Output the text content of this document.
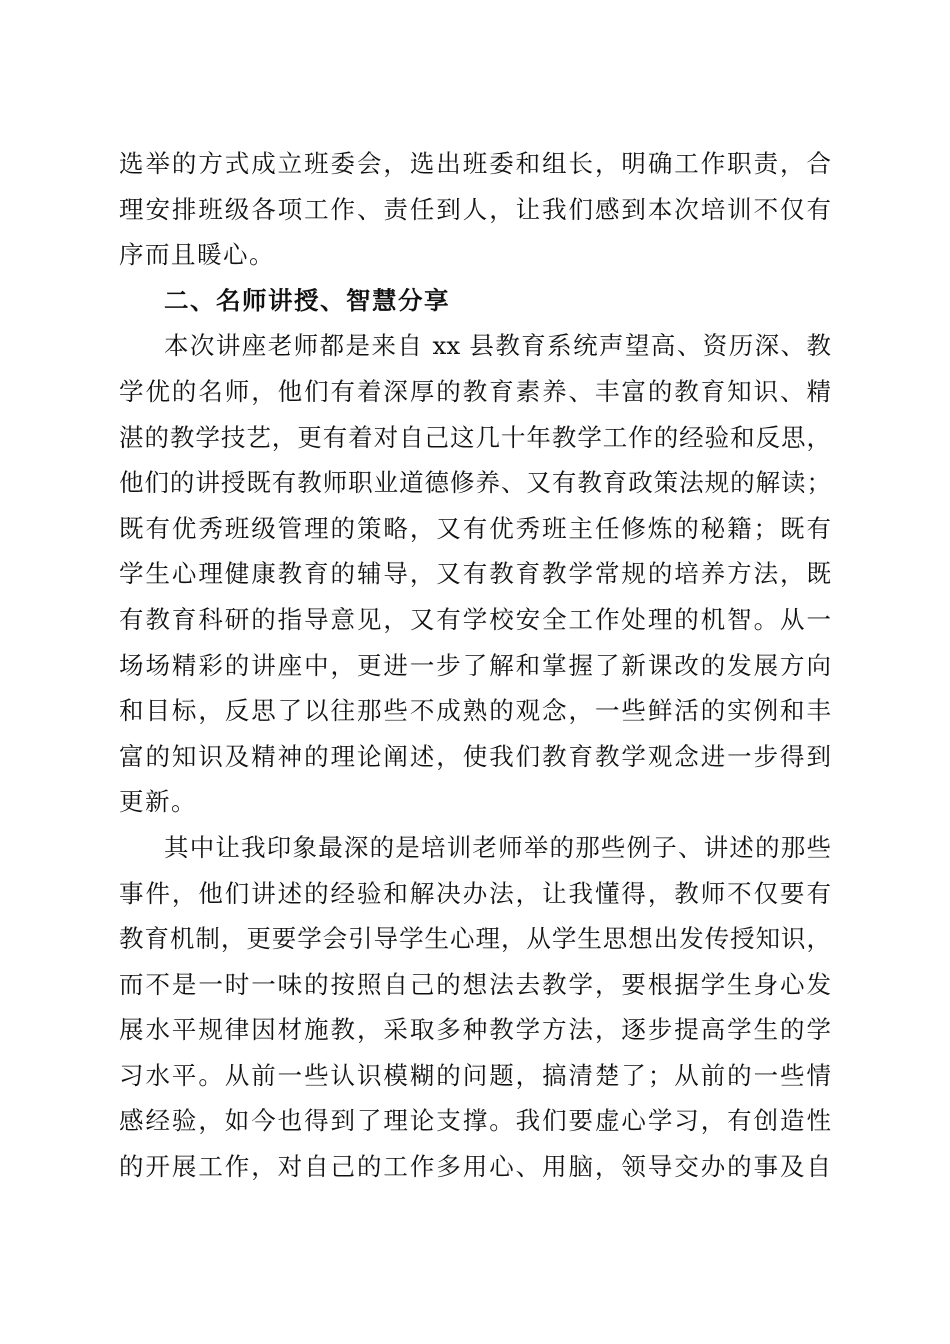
选举的方式成立班委会，选出班委和组长，明确工作职责，合
理安排班级各项工作、责任到人，让我们感到本次培训不仅有
序而且暖心。
二、名师讲授、智慧分享
本次讲座老师都是来自 xx 县教育系统声望高、资历深、教
学优的名师，他们有着深厚的教育素养、丰富的教育知识、精
湛的教学技艺，更有着对自己这几十年教学工作的经验和反思，
他们的讲授既有教师职业道德修养、又有教育政策法规的解读；
既有优秀班级管理的策略，又有优秀班主任修炼的秘籍；既有
学生心理健康教育的辅导，又有教育教学常规的培养方法，既
有教育科研的指导意见，又有学校安全工作处理的机智。从一
场场精彩的讲座中，更进一步了解和掌握了新课改的发展方向
和目标，反思了以往那些不成熟的观念，一些鲜活的实例和丰
富的知识及精神的理论阐述，使我们教育教学观念进一步得到
更新。
其中让我印象最深的是培训老师举的那些例子、讲述的那些
事件，他们讲述的经验和解决办法，让我懂得，教师不仅要有
教育机制，更要学会引导学生心理，从学生思想出发传授知识，
而不是一时一味的按照自己的想法去教学，要根据学生身心发
展水平规律因材施教，采取多种教学方法，逐步提高学生的学
习水平。从前一些认识模糊的问题，搞清楚了；从前的一些情
感经验，如今也得到了理论支撑。我们要虚心学习，有创造性
的开展工作，对自己的工作多用心、用脑，领导交办的事及自
